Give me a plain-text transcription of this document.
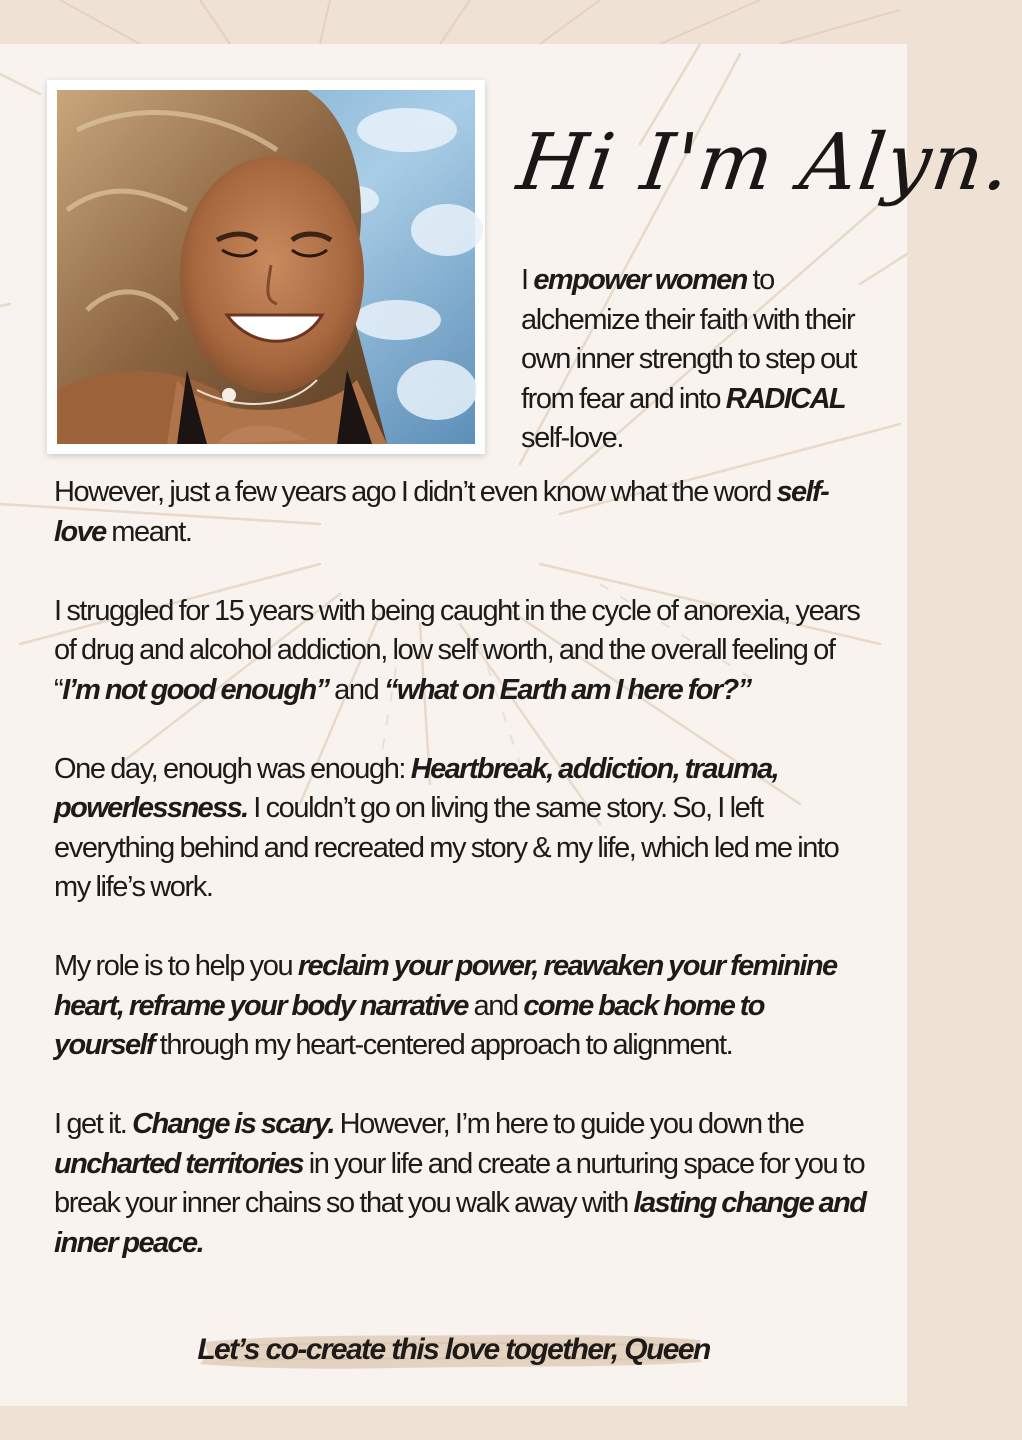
Hi I'm Alyn.
I empower women to alchemize their faith with their own inner strength to step out from fear and into RADICAL self-love.

However, just a few years ago I didn’t even know what the word self-love meant.

I struggled for 15 years with being caught in the cycle of anorexia, years of drug and alcohol addiction, low self worth, and the overall feeling of “I’m not good enough” and “what on Earth am I here for?”

One day, enough was enough: Heartbreak, addiction, trauma, powerlessness. I couldn’t go on living the same story. So, I left everything behind and recreated my story & my life, which led me into my life’s work.

My role is to help you reclaim your power, reawaken your feminine heart, reframe your body narrative and come back home to yourself through my heart-centered approach to alignment.

I get it. Change is scary. However, I’m here to guide you down the uncharted territories in your life and create a nurturing space for you to break your inner chains so that you walk away with lasting change and inner peace.

Let’s co-create this love together, Queen
